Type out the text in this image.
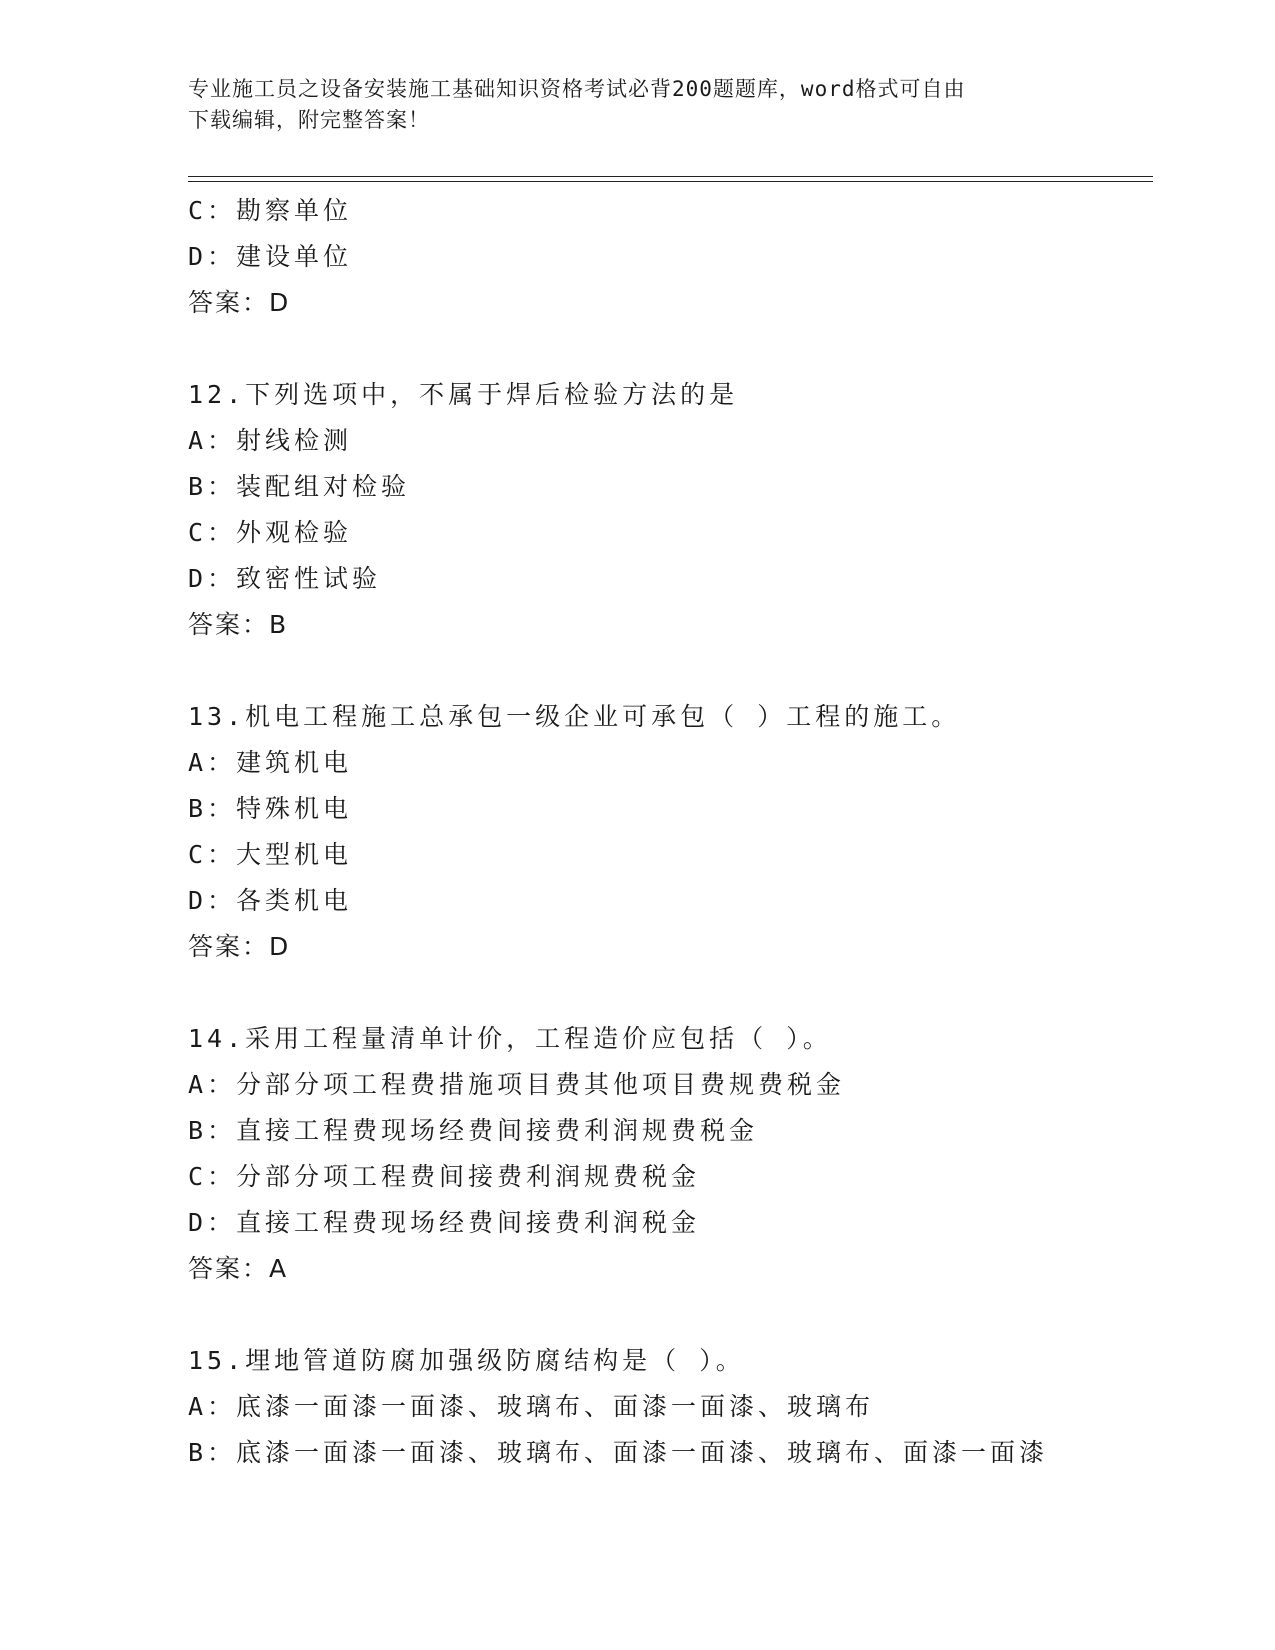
专业施工员之设备安装施工基础知识资格考试必背200题题库，word格式可自由
下载编辑，附完整答案！
C：勘察单位
D：建设单位
答案：D
12.下列选项中，不属于焊后检验方法的是
A：射线检测
B：装配组对检验
C：外观检验
D：致密性试验
答案：B
13.机电工程施工总承包一级企业可承包（ ）工程的施工。
A：建筑机电
B：特殊机电
C：大型机电
D：各类机电
答案：D
14.采用工程量清单计价，工程造价应包括（ ）。
A：分部分项工程费措施项目费其他项目费规费税金
B：直接工程费现场经费间接费利润规费税金
C：分部分项工程费间接费利润规费税金
D：直接工程费现场经费间接费利润税金
答案：A
15.埋地管道防腐加强级防腐结构是（ ）。
A：底漆一面漆一面漆、玻璃布、面漆一面漆、玻璃布
B：底漆一面漆一面漆、玻璃布、面漆一面漆、玻璃布、面漆一面漆
